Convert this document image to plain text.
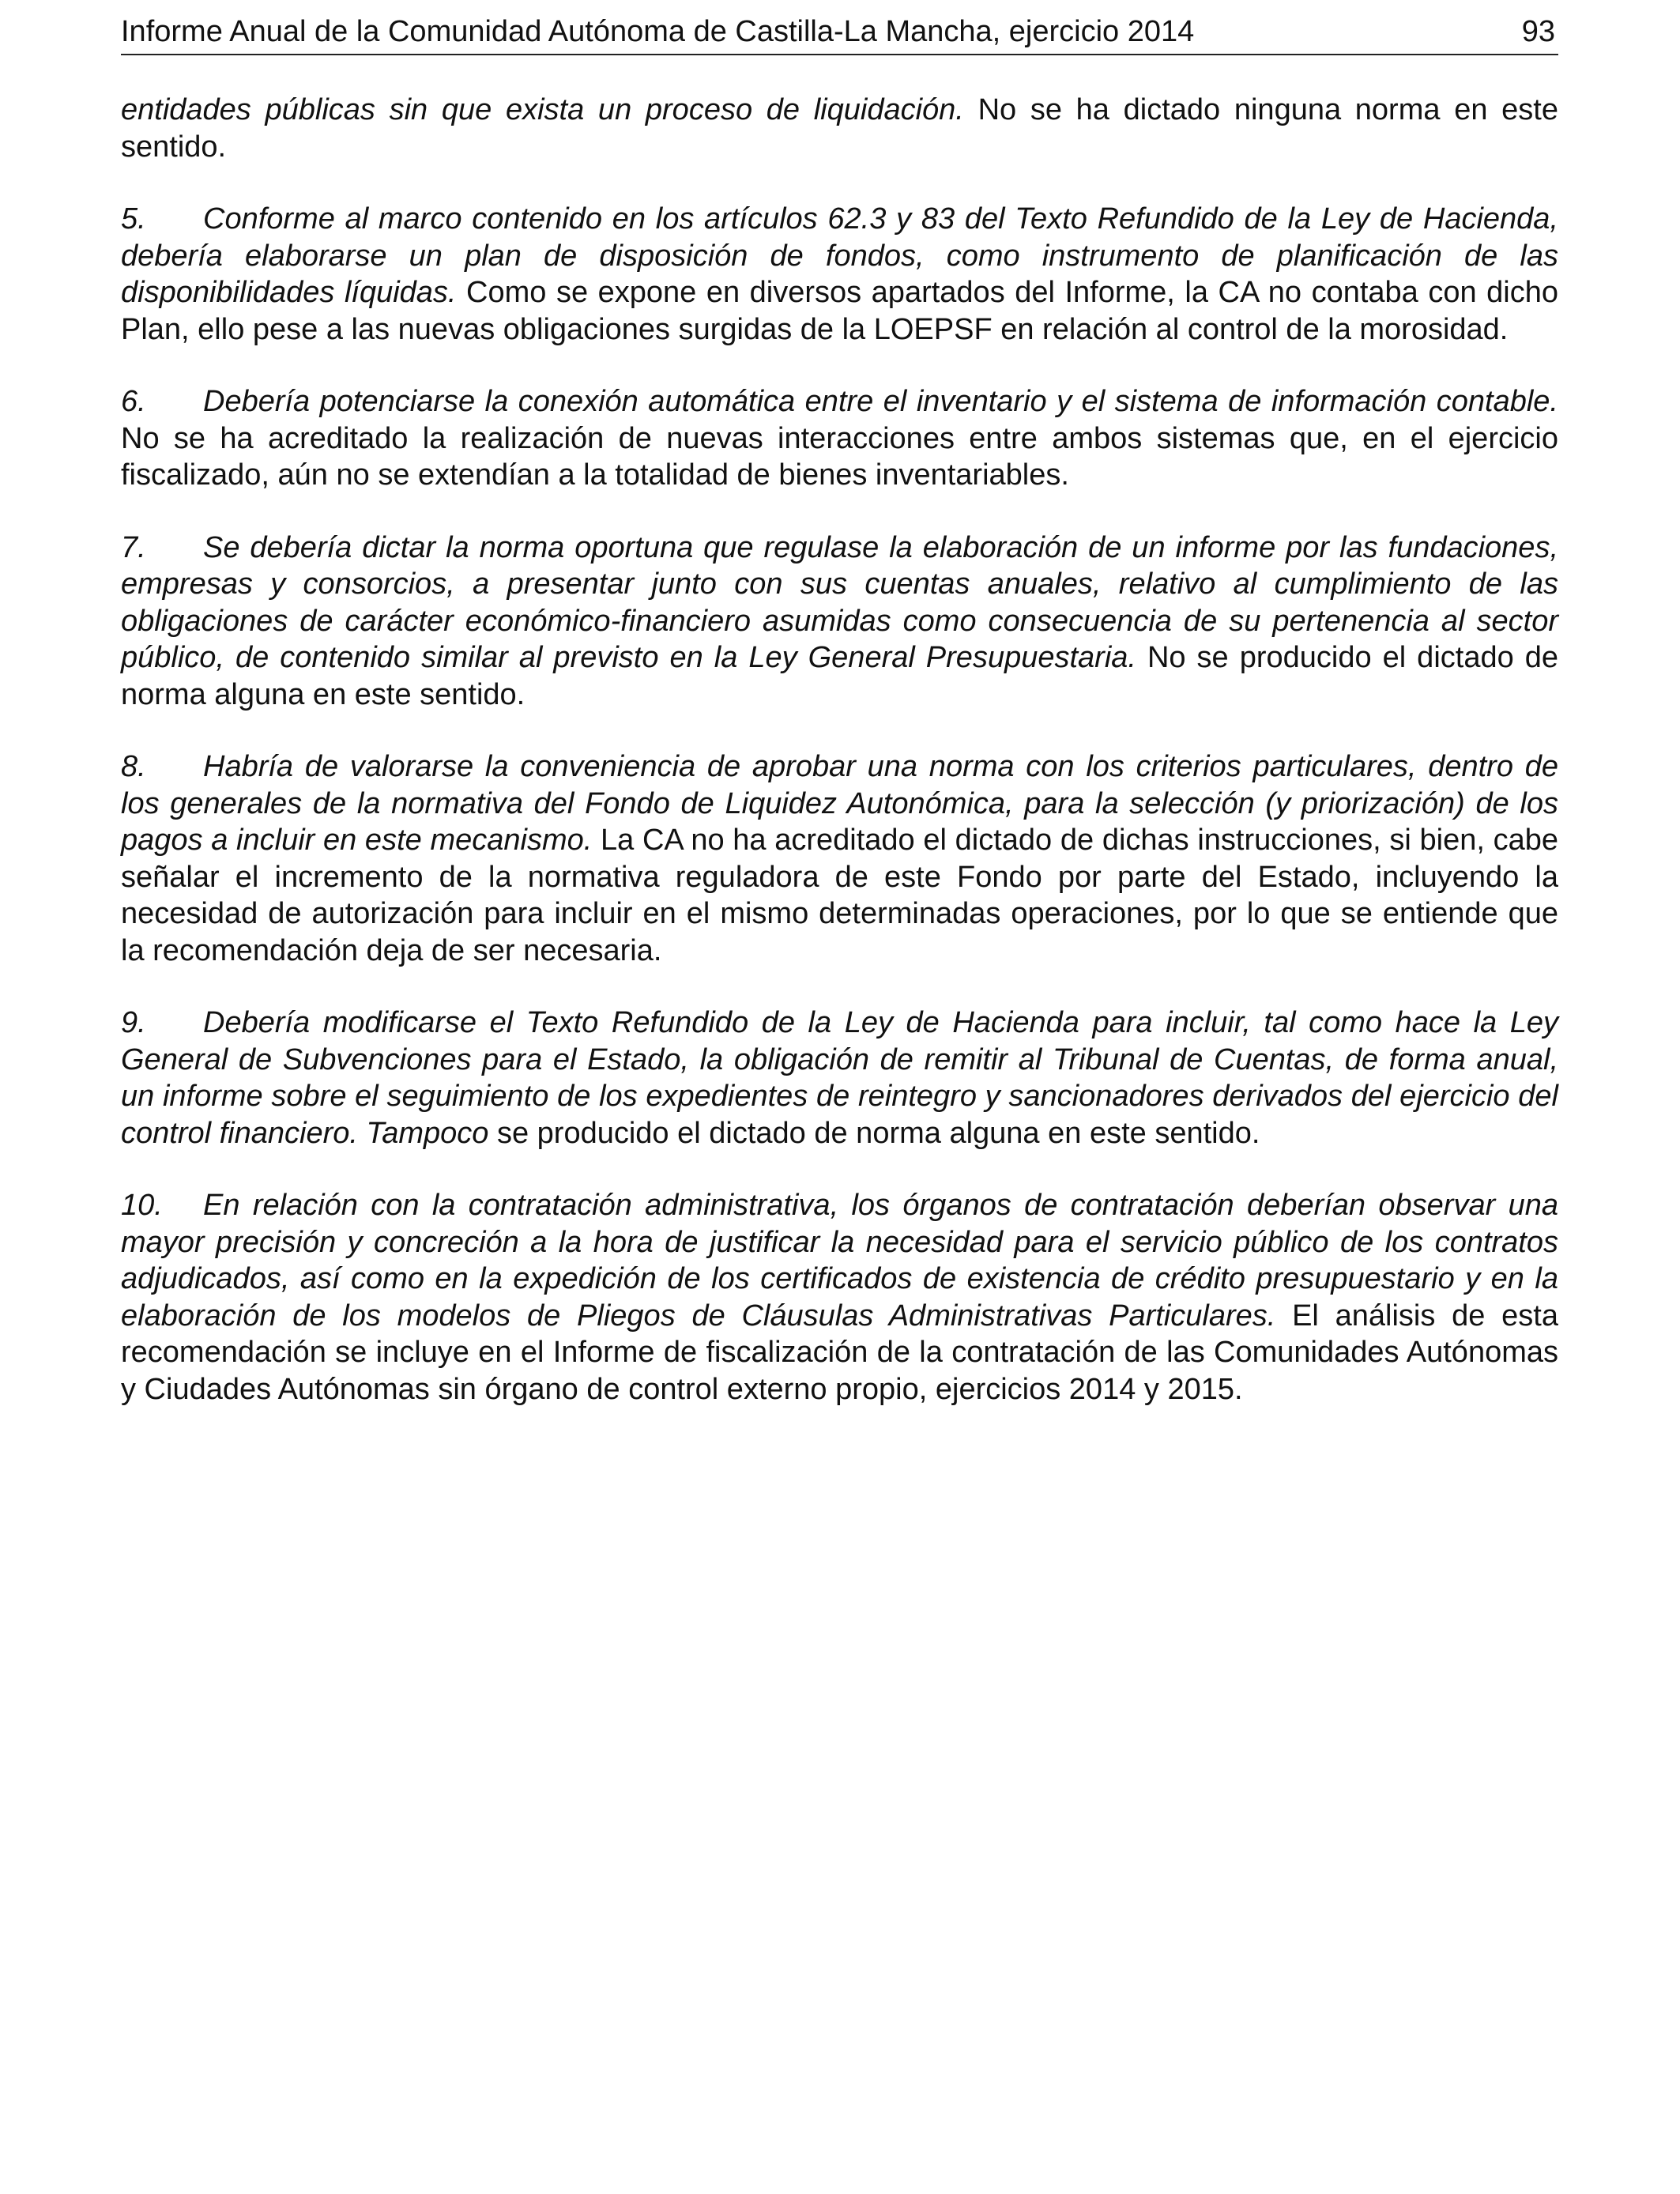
Informe Anual de la Comunidad Autónoma de Castilla-La Mancha, ejercicio 2014	93

entidades públicas sin que exista un proceso de liquidación. No se ha dictado ninguna norma en este sentido.

5. Conforme al marco contenido en los artículos 62.3 y 83 del Texto Refundido de la Ley de Hacienda, debería elaborarse un plan de disposición de fondos, como instrumento de planificación de las disponibilidades líquidas. Como se expone en diversos apartados del Informe, la CA no contaba con dicho Plan, ello pese a las nuevas obligaciones surgidas de la LOEPSF en relación al control de la morosidad.

6. Debería potenciarse la conexión automática entre el inventario y el sistema de información contable. No se ha acreditado la realización de nuevas interacciones entre ambos sistemas que, en el ejercicio fiscalizado, aún no se extendían a la totalidad de bienes inventariables.

7. Se debería dictar la norma oportuna que regulase la elaboración de un informe por las fundaciones, empresas y consorcios, a presentar junto con sus cuentas anuales, relativo al cumplimiento de las obligaciones de carácter económico-financiero asumidas como consecuencia de su pertenencia al sector público, de contenido similar al previsto en la Ley General Presupuestaria. No se producido el dictado de norma alguna en este sentido.

8. Habría de valorarse la conveniencia de aprobar una norma con los criterios particulares, dentro de los generales de la normativa del Fondo de Liquidez Autonómica, para la selección (y priorización) de los pagos a incluir en este mecanismo. La CA no ha acreditado el dictado de dichas instrucciones, si bien, cabe señalar el incremento de la normativa reguladora de este Fondo por parte del Estado, incluyendo la necesidad de autorización para incluir en el mismo determinadas operaciones, por lo que se entiende que la recomendación deja de ser necesaria.

9. Debería modificarse el Texto Refundido de la Ley de Hacienda para incluir, tal como hace la Ley General de Subvenciones para el Estado, la obligación de remitir al Tribunal de Cuentas, de forma anual, un informe sobre el seguimiento de los expedientes de reintegro y sancionadores derivados del ejercicio del control financiero. Tampoco se producido el dictado de norma alguna en este sentido.

10. En relación con la contratación administrativa, los órganos de contratación deberían observar una mayor precisión y concreción a la hora de justificar la necesidad para el servicio público de los contratos adjudicados, así como en la expedición de los certificados de existencia de crédito presupuestario y en la elaboración de los modelos de Pliegos de Cláusulas Administrativas Particulares. El análisis de esta recomendación se incluye en el Informe de fiscalización de la contratación de las Comunidades Autónomas y Ciudades Autónomas sin órgano de control externo propio, ejercicios 2014 y 2015.
